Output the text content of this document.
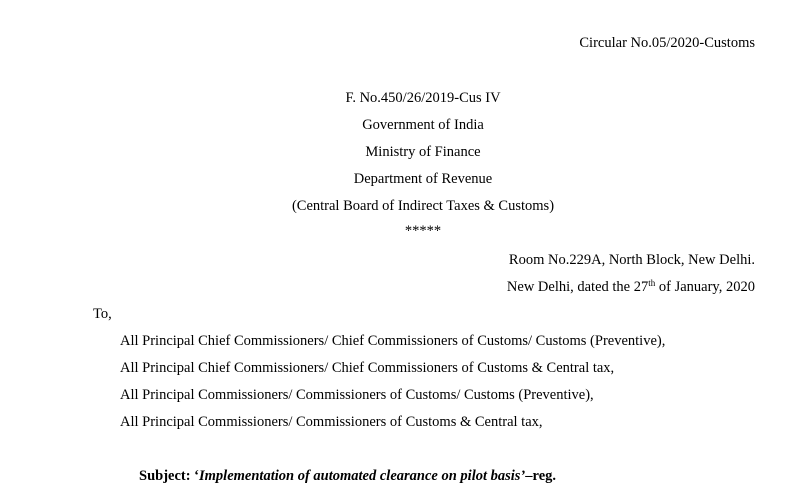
Circular No.05/2020-Customs
F. No.450/26/2019-Cus IV
Government of India
Ministry of Finance
Department of Revenue
(Central Board of Indirect Taxes & Customs)
*****
Room No.229A, North Block, New Delhi.
New Delhi, dated the 27th of January, 2020
To,
All Principal Chief Commissioners/ Chief Commissioners of Customs/ Customs (Preventive),
All Principal Chief Commissioners/ Chief Commissioners of Customs & Central tax,
All Principal Commissioners/ Commissioners of Customs/ Customs (Preventive),
All Principal Commissioners/ Commissioners of Customs & Central tax,
Subject: ‘Implementation of automated clearance on pilot basis’–reg.
